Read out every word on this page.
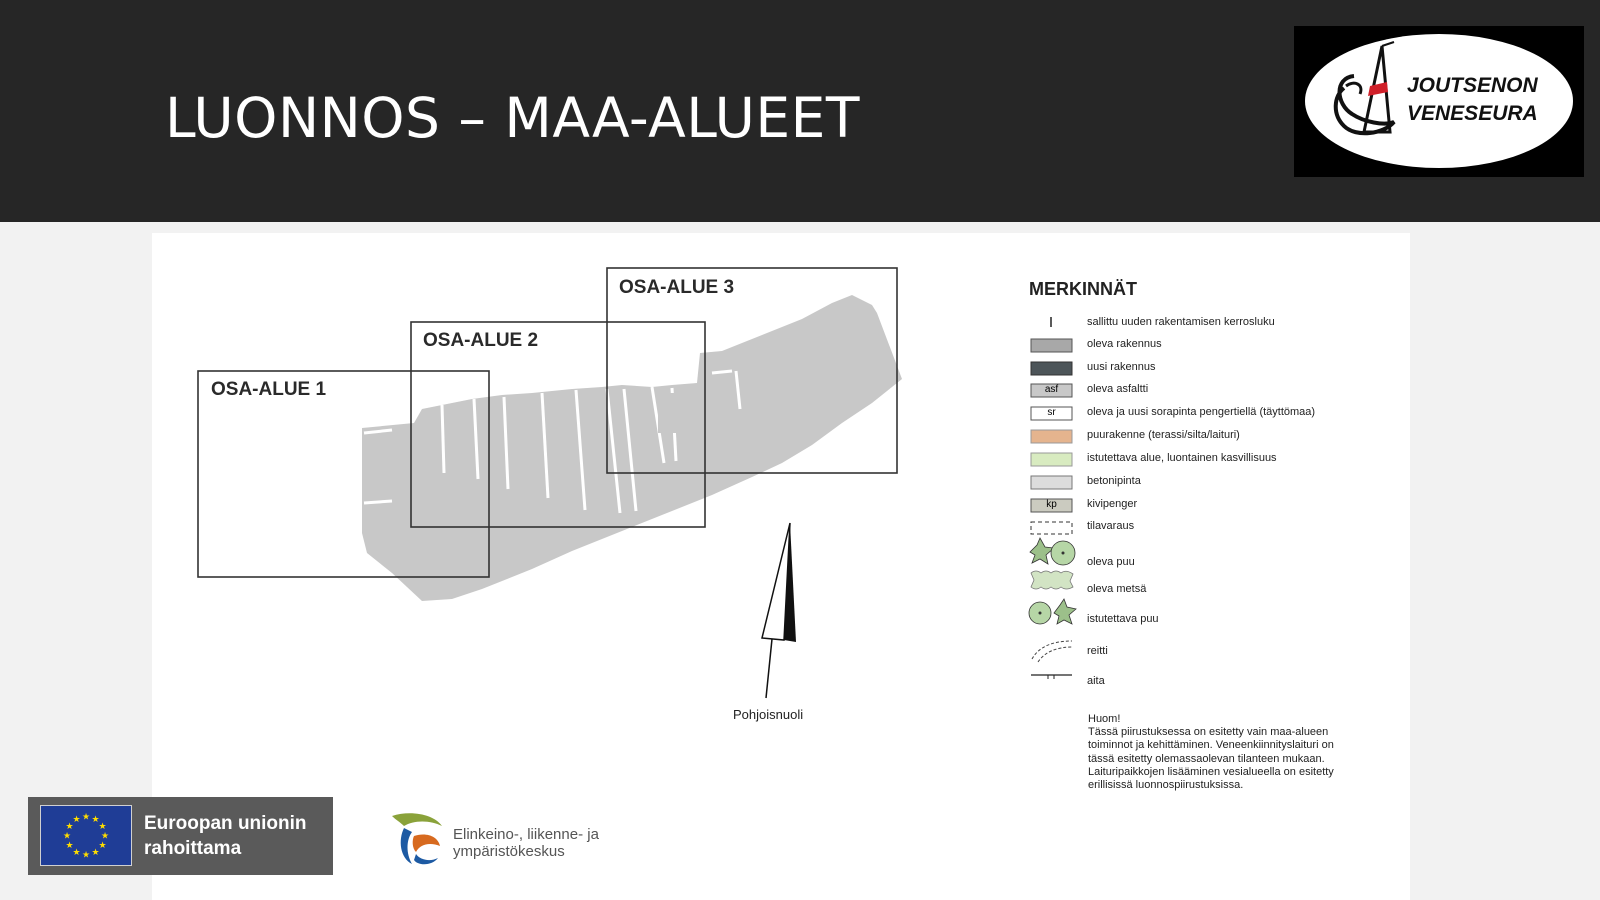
LUONNOS – MAA-ALUEET
JOUTSENON
VENESEURA
OSA-ALUE 1
OSA-ALUE 2
OSA-ALUE 3
Pohjoisnuoli
MERKINNÄT
sallittu uuden rakentamisen kerrosluku
oleva rakennus
uusi rakennus
asf	oleva asfaltti
sr	oleva ja uusi sorapinta pengertiellä (täyttömaa)
puurakenne (terassi/silta/laituri)
istutettava alue, luontainen kasvillisuus
betonipinta
kp	kivipenger
tilavaraus
oleva puu
oleva metsä
istutettava puu
reitti
aita

Huom!

Tässä piirustuksessa on esitetty vain maa-alueen toiminnot ja kehittäminen. Veneenkiinnityslaituri on tässä esitetty olemassaolevan tilanteen mukaan. Laituripaikkojen lisääminen vesialueella on esitetty erillisissä luonnospiirustuksissa.

★ ★
★
★
★
★
★
★
★
★
★
★	Euroopan unionin
rahoittama
Elinkeino-, liikenne- ja
ympäristökeskus
